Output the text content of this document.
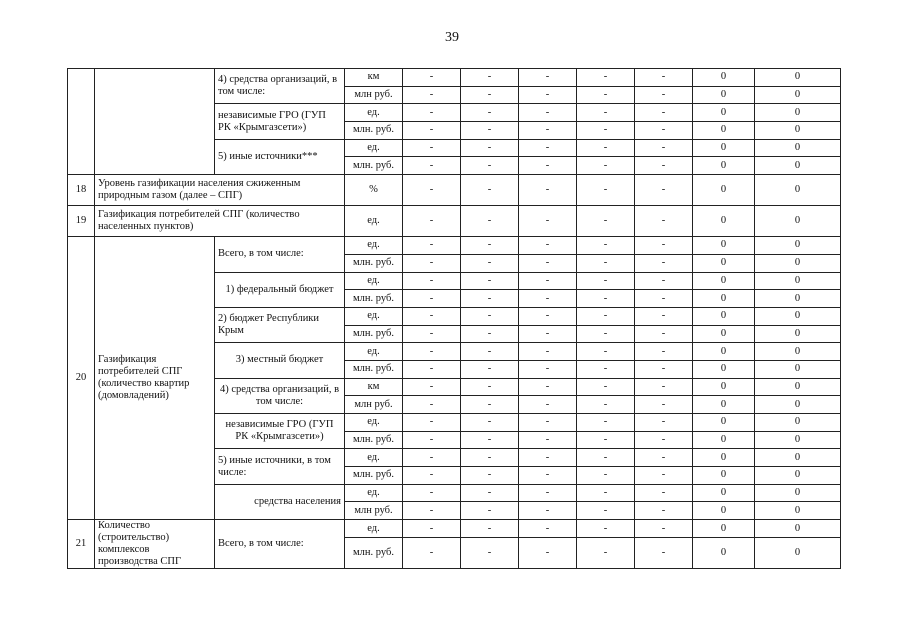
39
		4) средства организаций, в том числе:	км	-	-	-	-	-	0	0
			млн руб.	-	-	-	-	-	0	0
		независимые ГРО (ГУП РК «Крымгазсети»)	ед.	-	-	-	-	-	0	0
			млн. руб.	-	-	-	-	-	0	0
		5) иные источники***	ед.	-	-	-	-	-	0	0
			млн. руб.	-	-	-	-	-	0	0
18	Уровень газификации населения сжиженным природным газом (далее – СПГ)		%	-	-	-	-	-	0	0
19	Газификация потребителей СПГ (количество населенных пунктов)		ед.	-	-	-	-	-	0	0
20	Газификация потребителей СПГ (количество квартир (домовладений)	Всего, в том числе:	ед.	-	-	-	-	-	0	0
			млн. руб.	-	-	-	-	-	0	0
		1) федеральный бюджет	ед.	-	-	-	-	-	0	0
			млн. руб.	-	-	-	-	-	0	0
		2) бюджет Республики Крым	ед.	-	-	-	-	-	0	0
			млн. руб.	-	-	-	-	-	0	0
		3) местный бюджет	ед.	-	-	-	-	-	0	0
			млн. руб.	-	-	-	-	-	0	0
		4) средства организаций, в том числе:	км	-	-	-	-	-	0	0
			млн руб.	-	-	-	-	-	0	0
		независимые ГРО (ГУП РК «Крымгазсети»)	ед.	-	-	-	-	-	0	0
			млн. руб.	-	-	-	-	-	0	0
		5) иные источники, в том числе:	ед.	-	-	-	-	-	0	0
			млн. руб.	-	-	-	-	-	0	0
		средства населения	ед.	-	-	-	-	-	0	0
			млн руб.	-	-	-	-	-	0	0
21	Количество (строительство) комплексов производства СПГ	Всего, в том числе:	ед.	-	-	-	-	-	0	0
			млн. руб.	-	-	-	-	-	0	0
